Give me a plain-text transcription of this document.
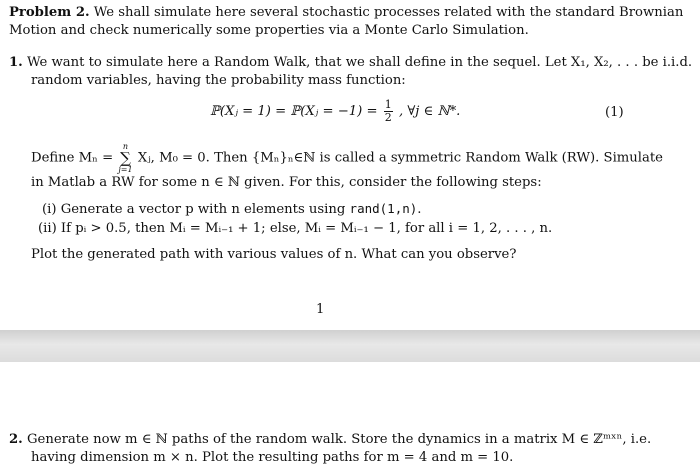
Problem 2. We shall simulate here several stochastic processes related with the standard Brownian
Motion and check numerically some properties via a Monte Carlo Simulation.
1. We want to simulate here a Random Walk, that we shall define in the sequel. Let X₁, X₂, . . . be i.i.d.
random variables, having the probability mass function:
ℙ(Xⱼ = 1) = ℙ(Xⱼ = $-1) = \frac{1}{2}$ , ∀j ∈ ℕ*.	(1)
Define Mₙ =
n
∑
j=1
Xⱼ, M₀ = 0. Then {Mₙ}ₙ∈ℕ is called a symmetric Random Walk (RW). Simulate
in Matlab a RW for some n ∈ ℕ given. For this, consider the following steps:
(i) Generate a vector p with n elements using rand(1,n).
(ii) If pᵢ > 0.5, then Mᵢ = Mᵢ₋₁ + 1; else, Mᵢ = Mᵢ₋₁ − 1, for all i = 1, 2, . . . , n.
Plot the generated path with various values of n. What can you observe?
1
2. Generate now m ∈ ℕ paths of the random walk. Store the dynamics in a matrix M ∈ ℤᵐˣⁿ, i.e.
having dimension m × n. Plot the resulting paths for m = 4 and m = 10.
